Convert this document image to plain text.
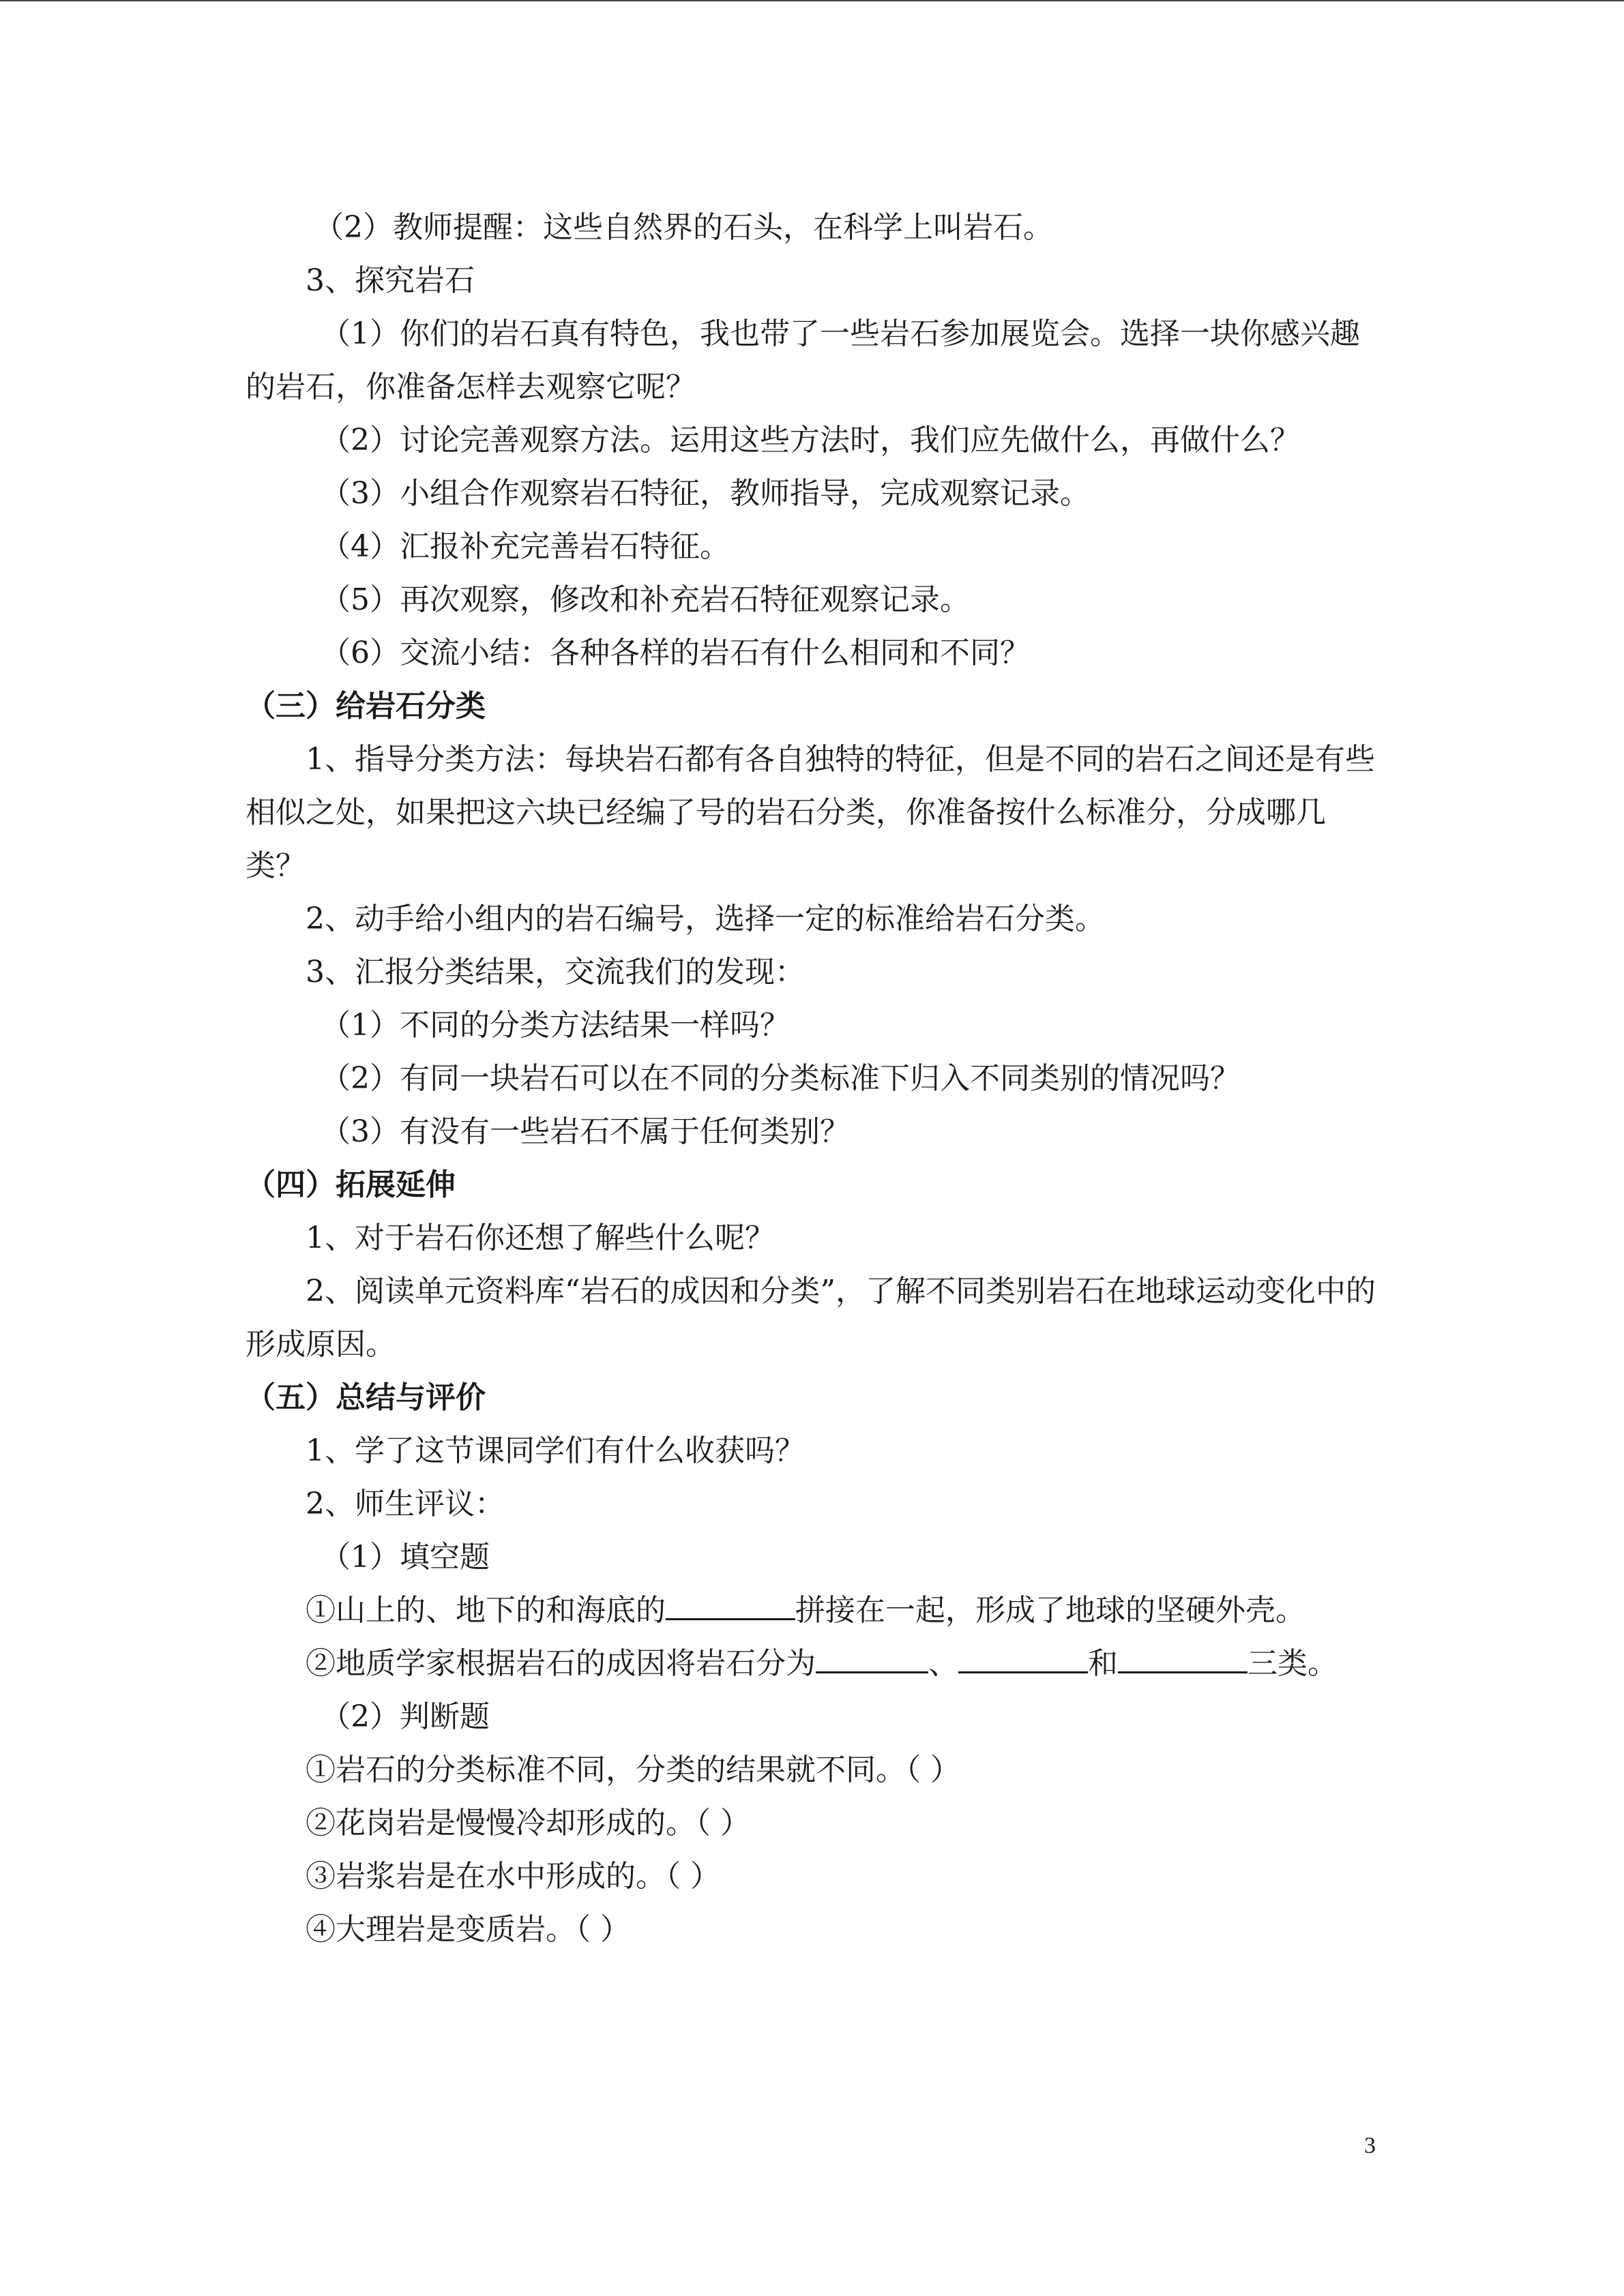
（2）教师提醒：这些自然界的石头，在科学上叫岩石。
3、探究岩石
（1）你们的岩石真有特色，我也带了一些岩石参加展览会。选择一块你感兴趣的岩石，你准备怎样去观察它呢？
（2）讨论完善观察方法。运用这些方法时，我们应先做什么，再做什么？
（3）小组合作观察岩石特征，教师指导，完成观察记录。
（4）汇报补充完善岩石特征。
（5）再次观察，修改和补充岩石特征观察记录。
（6）交流小结：各种各样的岩石有什么相同和不同？
（三）给岩石分类
1、指导分类方法：每块岩石都有各自独特的特征，但是不同的岩石之间还是有些相似之处，如果把这六块已经编了号的岩石分类，你准备按什么标准分，分成哪几类？
2、动手给小组内的岩石编号，选择一定的标准给岩石分类。
3、汇报分类结果，交流我们的发现：
（1）不同的分类方法结果一样吗？
（2）有同一块岩石可以在不同的分类标准下归入不同类别的情况吗？
（3）有没有一些岩石不属于任何类别？
（四）拓展延伸
1、对于岩石你还想了解些什么呢？
2、阅读单元资料库“岩石的成因和分类”，了解不同类别岩石在地球运动变化中的形成原因。
（五）总结与评价
1、学了这节课同学们有什么收获吗？
2、师生评议：
（1）填空题
①山上的、地下的和海底的	拼接在一起，形成了地球的坚硬外壳。
②地质学家根据岩石的成因将岩石分为	、	和	三类。
（2）判断题
①岩石的分类标准不同，分类的结果就不同。（ ）
②花岗岩是慢慢冷却形成的。（ ）
③岩浆岩是在水中形成的。（ ）
④大理岩是变质岩。（ ）
3
